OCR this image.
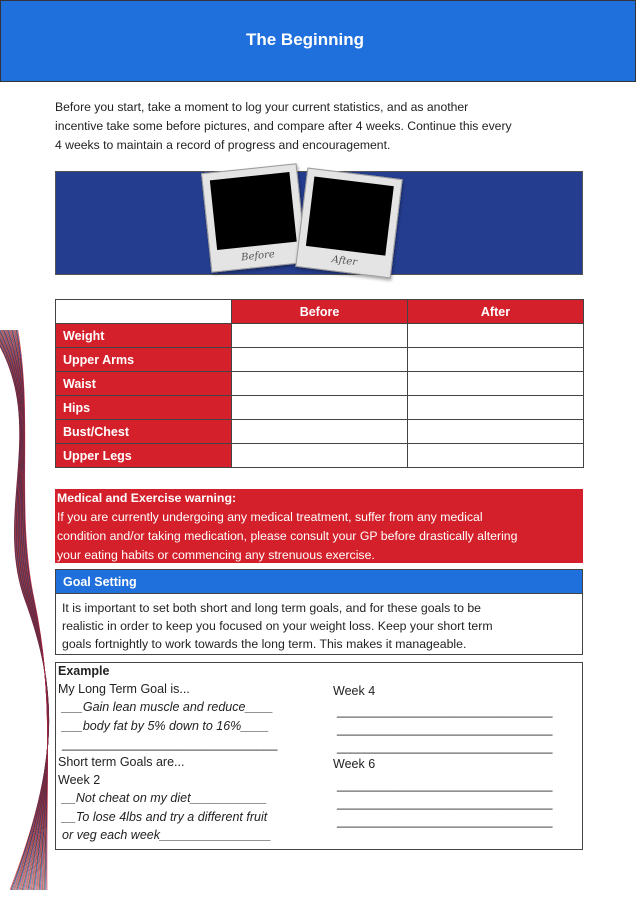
The Beginning
Before you start, take a moment to log your current statistics, and as another
incentive take some before pictures, and compare after 4 weeks. Continue this every
4 weeks to maintain a record of progress and encouragement.
Before	After
	Before	After
Weight		
Upper Arms		
Waist		
Hips		
Bust/Chest		
Upper Legs		
Medical and Exercise warning:
If you are currently undergoing any medical treatment, suffer from any medical
condition and/or taking medication, please consult your GP before drastically altering
your eating habits or commencing any strenuous exercise.
Goal Setting
It is important to set both short and long term goals, and for these goals to be
realistic in order to keep you focused on your weight loss. Keep your short term
goals fortnightly to work towards the long term. This makes it manageable.
Example
My Long Term Goal is...
___Gain lean muscle and reduce____
___body fat by 5% down to 16%____
_______________________________
Short term Goals are...
Week 2
__Not cheat on my diet___________
__To lose 4lbs and try a different fruit
or veg each week________________
Week 4
_______________________________
_______________________________
_______________________________
Week 6
_______________________________
_______________________________
_______________________________
